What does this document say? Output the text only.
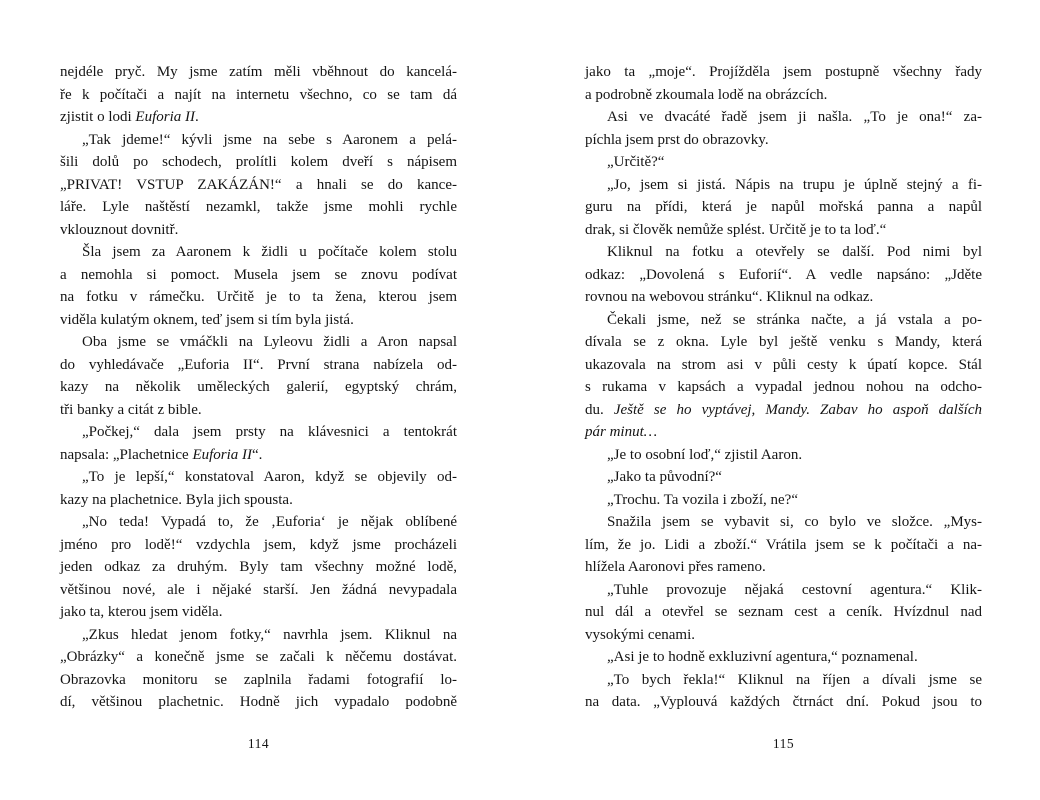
nejdéle pryč. My jsme zatím měli vběhnout do kancelá-
ře k počítači a najít na internetu všechno, co se tam dá
zjistit o lodi Euforia II.
„Tak jdeme!“ kývli jsme na sebe s Aaronem a pelá-
šili dolů po schodech, prolítli kolem dveří s nápisem
„PRIVAT! VSTUP ZAKÁZÁN!“ a hnali se do kance-
láře. Lyle naštěstí nezamkl, takže jsme mohli rychle
vklouznout dovnitř.
Šla jsem za Aaronem k židli u počítače kolem stolu
a nemohla si pomoct. Musela jsem se znovu podívat
na fotku v rámečku. Určitě je to ta žena, kterou jsem
viděla kulatým oknem, teď jsem si tím byla jistá.
Oba jsme se vmáčkli na Lyleovu židli a Aron napsal
do vyhledávače „Euforia II“. První strana nabízela od-
kazy na několik uměleckých galerií, egyptský chrám,
tři banky a citát z bible.
„Počkej,“ dala jsem prsty na klávesnici a tentokrát
napsala: „Plachetnice Euforia II“.
„To je lepší,“ konstatoval Aaron, když se objevily od-
kazy na plachetnice. Byla jich spousta.
„No teda! Vypadá to, že ‚Euforia‘ je nějak oblíbené
jméno pro lodě!“ vzdychla jsem, když jsme procházeli
jeden odkaz za druhým. Byly tam všechny možné lodě,
většinou nové, ale i nějaké starší. Jen žádná nevypadala
jako ta, kterou jsem viděla.
„Zkus hledat jenom fotky,“ navrhla jsem. Kliknul na
„Obrázky“ a konečně jsme se začali k něčemu dostávat.
Obrazovka monitoru se zaplnila řadami fotografií lo-
dí, většinou plachetnic. Hodně jich vypadalo podobně
jako ta „moje“. Projížděla jsem postupně všechny řady
a podrobně zkoumala lodě na obrázcích.
Asi ve dvacáté řadě jsem ji našla. „To je ona!“ za-
píchla jsem prst do obrazovky.
„Určitě?“
„Jo, jsem si jistá. Nápis na trupu je úplně stejný a fi-
guru na přídi, která je napůl mořská panna a napůl
drak, si člověk nemůže splést. Určitě je to ta loď.“
Kliknul na fotku a otevřely se další. Pod nimi byl
odkaz: „Dovolená s Euforií“. A vedle napsáno: „Jděte
rovnou na webovou stránku“. Kliknul na odkaz.
Čekali jsme, než se stránka načte, a já vstala a po-
dívala se z okna. Lyle byl ještě venku s Mandy, která
ukazovala na strom asi v půli cesty k úpatí kopce. Stál
s rukama v kapsách a vypadal jednou nohou na odcho-
du. Ještě se ho vyptávej, Mandy. Zabav ho aspoň dalších
pár minut…
„Je to osobní loď,“ zjistil Aaron.
„Jako ta původní?“
„Trochu. Ta vozila i zboží, ne?“
Snažila jsem se vybavit si, co bylo ve složce. „Mys-
lím, že jo. Lidi a zboží.“ Vrátila jsem se k počítači a na-
hlížela Aaronovi přes rameno.
„Tuhle provozuje nějaká cestovní agentura.“ Klik-
nul dál a otevřel se seznam cest a ceník. Hvízdnul nad
vysokými cenami.
„Asi je to hodně exkluzivní agentura,“ poznamenal.
„To bych řekla!“ Kliknul na říjen a dívali jsme se
na data. „Vyplouvá každých čtrnáct dní. Pokud jsou to
114	115
